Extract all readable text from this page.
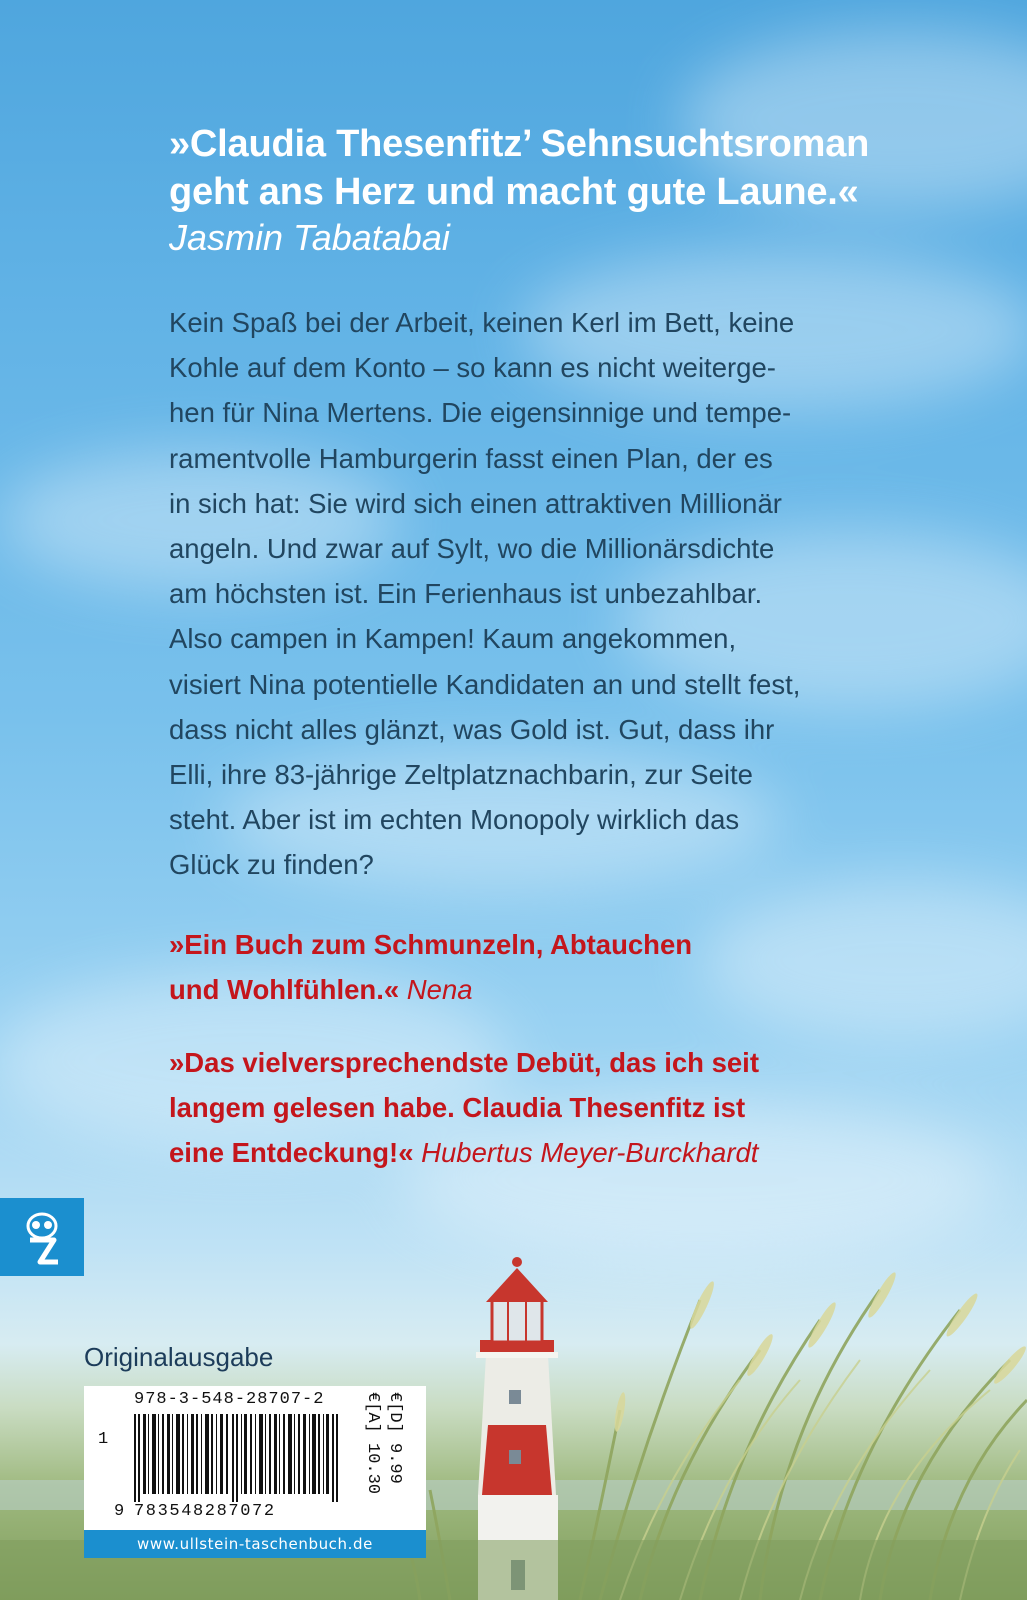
»Claudia Thesenfitz’ Sehnsuchtsroman
geht ans Herz und macht gute Laune.«
Jasmin Tabatabai

Kein Spaß bei der Arbeit, keinen Kerl im Bett, keine

Kohle auf dem Konto – so kann es nicht weiterge-

hen für Nina Mertens. Die eigensinnige und tempe-

ramentvolle Hamburgerin fasst einen Plan, der es

in sich hat: Sie wird sich einen attraktiven Millionär

angeln. Und zwar auf Sylt, wo die Millionärsdichte

am höchsten ist. Ein Ferienhaus ist unbezahlbar.

Also campen in Kampen! Kaum angekommen,

visiert Nina potentielle Kandidaten an und stellt fest,

dass nicht alles glänzt, was Gold ist. Gut, dass ihr

Elli, ihre 83-jährige Zeltplatznachbarin, zur Seite

steht. Aber ist im echten Monopoly wirklich das

Glück zu finden?

»Ein Buch zum Schmunzeln, Abtauchen

und Wohlfühlen.« Nena

»Das vielversprechendste Debüt, das ich seit

langem gelesen habe. Claudia Thesenfitz ist

eine Entdeckung!« Hubertus Meyer-Burckhardt

Originalausgabe
978-3-548-28707-2
1
9 783548287072
€[D] 9.99
€[A] 10.30
www.ullstein-taschenbuch.de
